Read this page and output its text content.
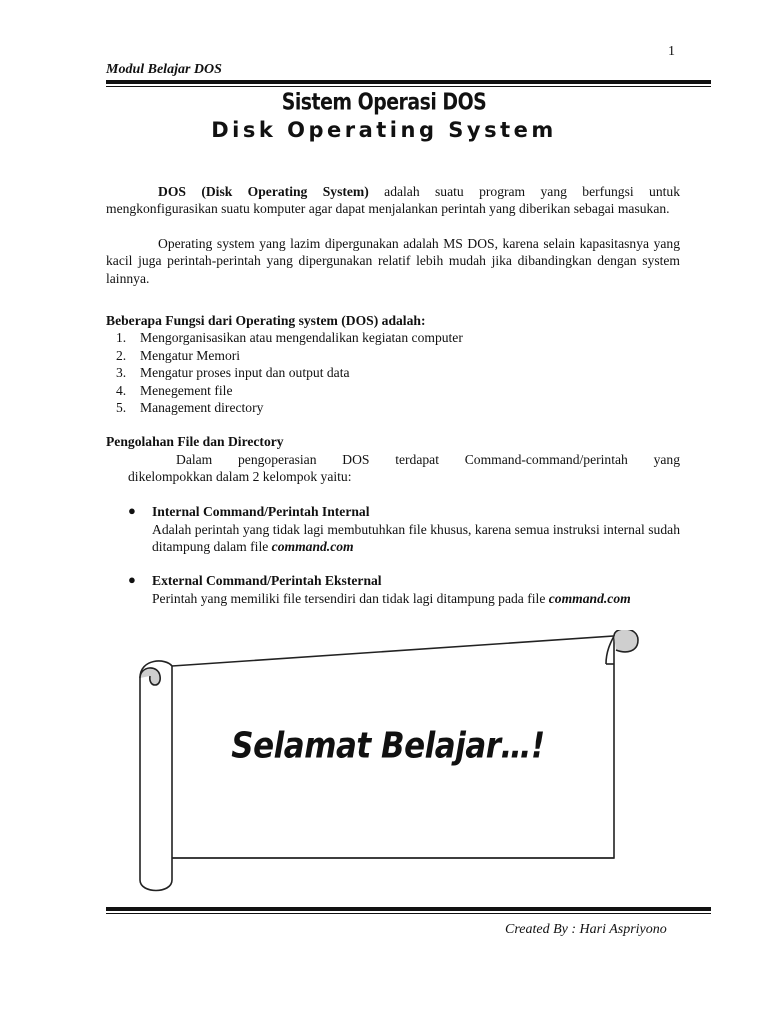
1
Modul Belajar DOS
Sistem Operasi DOS
Disk Operating System
DOS (Disk Operating System) adalah suatu program yang berfungsi untuk mengkonfigurasikan suatu komputer agar dapat menjalankan perintah yang diberikan sebagai masukan.
Operating system yang lazim dipergunakan adalah MS DOS, karena selain kapasitasnya yang kacil juga perintah-perintah yang dipergunakan relatif lebih mudah jika dibandingkan dengan system lainnya.
Beberapa Fungsi dari Operating system (DOS) adalah:
1. Mengorganisasikan atau mengendalikan kegiatan computer
2. Mengatur Memori
3. Mengatur proses input dan output data
4. Menegement file
5. Management directory
Pengolahan File dan Directory
Dalam pengoperasian DOS terdapat Command-command/perintah yang
dikelompokkan dalam 2 kelompok yaitu:
● Internal Command/Perintah Internal
Adalah perintah yang tidak lagi membutuhkan file khusus, karena semua instruksi internal sudah ditampung dalam file command.com
● External Command/Perintah Eksternal
Perintah yang memiliki file tersendiri dan tidak lagi ditampung pada file command.com
Selamat Belajar…!
Created By : Hari Aspriyono
